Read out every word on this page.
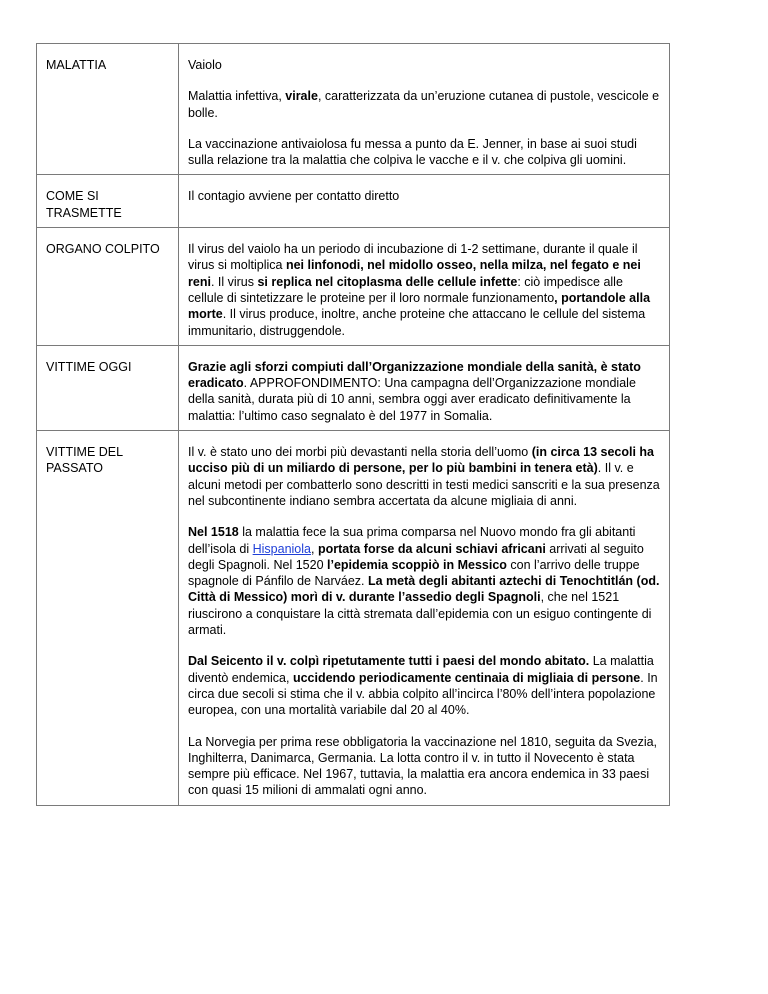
MALATTIA	Vaiolo

Malattia infettiva, virale, caratterizzata da un’eruzione cutanea di pustole, vescicole e bolle.

La vaccinazione antivaiolosa fu messa a punto da E. Jenner, in base ai suoi studi sulla relazione tra la malattia che colpiva le vacche e il v. che colpiva gli uomini.

COME SI TRASMETTE	Il contagio avviene per contatto diretto

ORGANO COLPITO	Il virus del vaiolo ha un periodo di incubazione di 1-2 settimane, durante il quale il virus si moltiplica nei linfonodi, nel midollo osseo, nella milza, nel fegato e nei reni. Il virus si replica nel citoplasma delle cellule infette: ciò impedisce alle cellule di sintetizzare le proteine per il loro normale funzionamento, portandole alla morte. Il virus produce, inoltre, anche proteine che attaccano le cellule del sistema immunitario, distruggendole.

VITTIME OGGI	Grazie agli sforzi compiuti dall’Organizzazione mondiale della sanità, è stato eradicato. APPROFONDIMENTO: Una campagna dell’Organizzazione mondiale della sanità, durata più di 10 anni, sembra oggi aver eradicato definitivamente la malattia: l’ultimo caso segnalato è del 1977 in Somalia.

VITTIME DEL PASSATO	Il v. è stato uno dei morbi più devastanti nella storia dell’uomo (in circa 13 secoli ha ucciso più di un miliardo di persone, per lo più bambini in tenera età). Il v. e alcuni metodi per combatterlo sono descritti in testi medici sanscriti e la sua presenza nel subcontinente indiano sembra accertata da alcune migliaia di anni.

Nel 1518 la malattia fece la sua prima comparsa nel Nuovo mondo fra gli abitanti dell’isola di Hispaniola, portata forse da alcuni schiavi africani arrivati al seguito degli Spagnoli. Nel 1520 l’epidemia scoppiò in Messico con l’arrivo delle truppe spagnole di Pánfilo de Narváez. La metà degli abitanti aztechi di Tenochtitlán (od. Città di Messico) morì di v. durante l’assedio degli Spagnoli, che nel 1521 riuscirono a conquistare la città stremata dall’epidemia con un esiguo contingente di armati.

Dal Seicento il v. colpì ripetutamente tutti i paesi del mondo abitato. La malattia diventò endemica, uccidendo periodicamente centinaia di migliaia di persone. In circa due secoli si stima che il v. abbia colpito all’incirca l’80% dell’intera popolazione europea, con una mortalità variabile dal 20 al 40%.

La Norvegia per prima rese obbligatoria la vaccinazione nel 1810, seguita da Svezia, Inghilterra, Danimarca, Germania. La lotta contro il v. in tutto il Novecento è stata sempre più efficace. Nel 1967, tuttavia, la malattia era ancora endemica in 33 paesi con quasi 15 milioni di ammalati ogni anno.
